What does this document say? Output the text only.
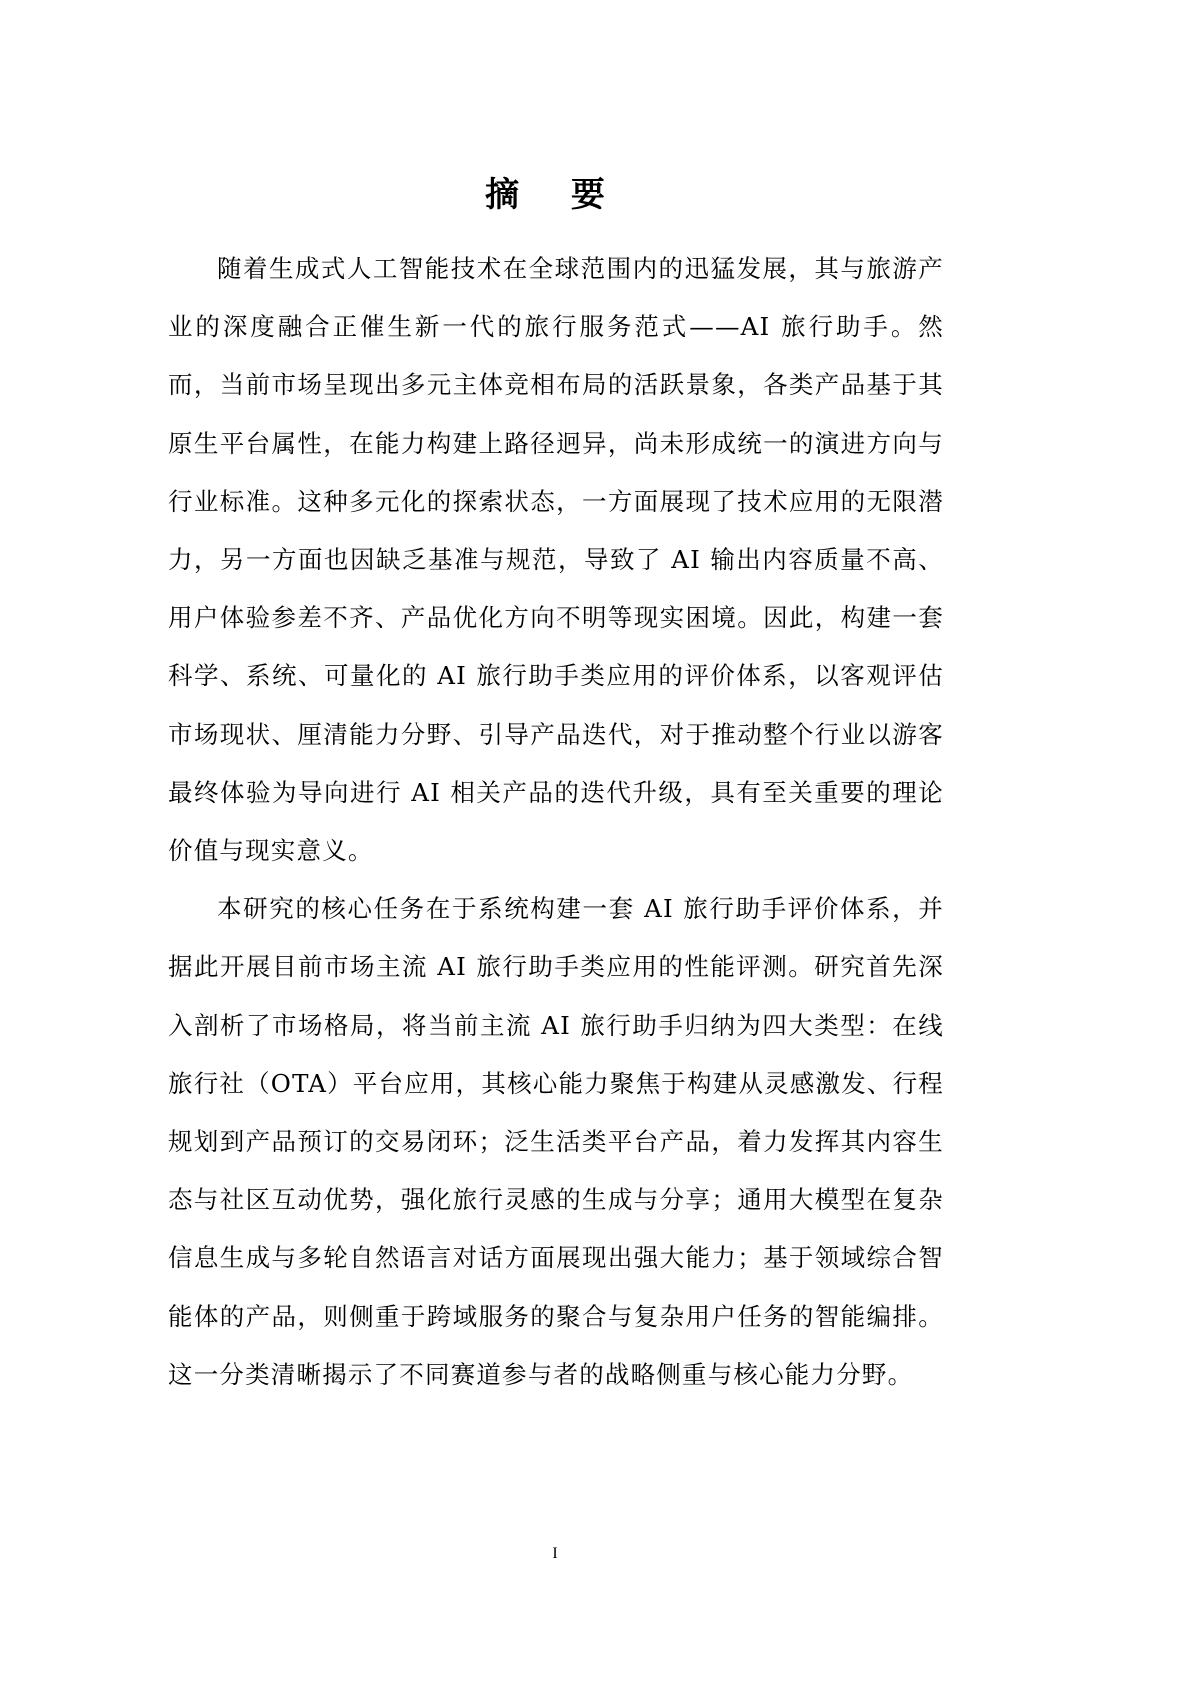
摘 要

随着生成式人工智能技术在全球范围内的迅猛发展，其与旅游产业的深度融合正催生新一代的旅行服务范式——AI 旅行助手。然而，当前市场呈现出多元主体竞相布局的活跃景象，各类产品基于其原生平台属性，在能力构建上路径迥异，尚未形成统一的演进方向与行业标准。这种多元化的探索状态，一方面展现了技术应用的无限潜力，另一方面也因缺乏基准与规范，导致了 AI 输出内容质量不高、用户体验参差不齐、产品优化方向不明等现实困境。因此，构建一套科学、系统、可量化的 AI 旅行助手类应用的评价体系，以客观评估市场现状、厘清能力分野、引导产品迭代，对于推动整个行业以游客最终体验为导向进行 AI 相关产品的迭代升级，具有至关重要的理论价值与现实意义。

本研究的核心任务在于系统构建一套 AI 旅行助手评价体系，并据此开展目前市场主流 AI 旅行助手类应用的性能评测。研究首先深入剖析了市场格局，将当前主流 AI 旅行助手归纳为四大类型：在线旅行社（OTA）平台应用，其核心能力聚焦于构建从灵感激发、行程规划到产品预订的交易闭环；泛生活类平台产品，着力发挥其内容生态与社区互动优势，强化旅行灵感的生成与分享；通用大模型在复杂信息生成与多轮自然语言对话方面展现出强大能力；基于领域综合智能体的产品，则侧重于跨域服务的聚合与复杂用户任务的智能编排。这一分类清晰揭示了不同赛道参与者的战略侧重与核心能力分野。

I
